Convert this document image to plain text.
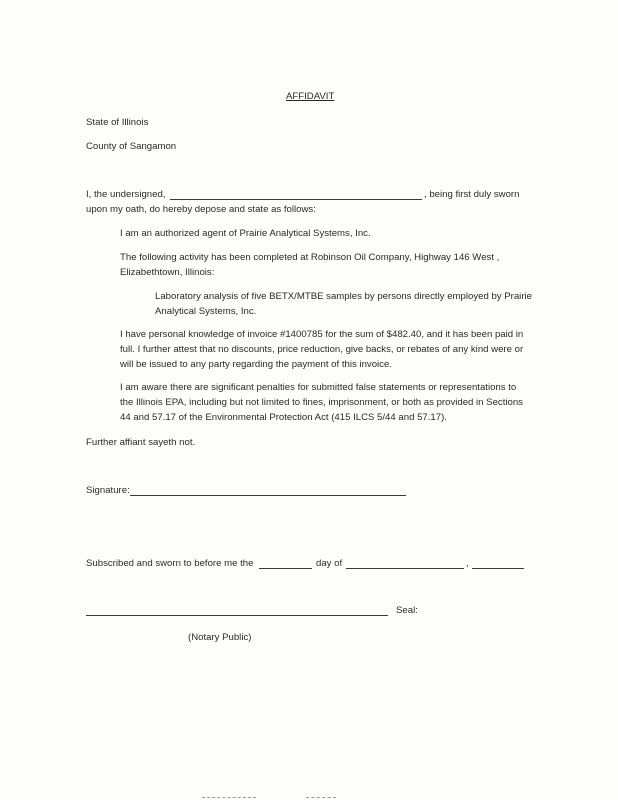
AFFIDAVIT
State of Illinois
County of Sangamon
I, the undersigned,	, being first duly sworn
upon my oath, do hereby depose and state as follows:
I am an authorized agent of Prairie Analytical Systems, Inc.
The following activity has been completed at Robinson Oil Company, Highway 146 West ,
Elizabethtown, Illinois:
Laboratory analysis of five BETX/MTBE samples by persons directly employed by Prairie
Analytical Systems, Inc.
I have personal knowledge of invoice #1400785 for the sum of $482.40, and it has been paid in
full. I further attest that no discounts, price reduction, give backs, or rebates of any kind were or
will be issued to any party regarding the payment of this invoice.
I am aware there are significant penalties for submitted false statements or representations to
the Illinois EPA, including but not limited to fines, imprisonment, or both as provided in Sections
44 and 57.17 of the Environmental Protection Act (415 ILCS 5/44 and 57.17).
Further affiant sayeth not.
Signature:
Subscribed and sworn to before me the	day of	,
Seal:
(Notary Public)
